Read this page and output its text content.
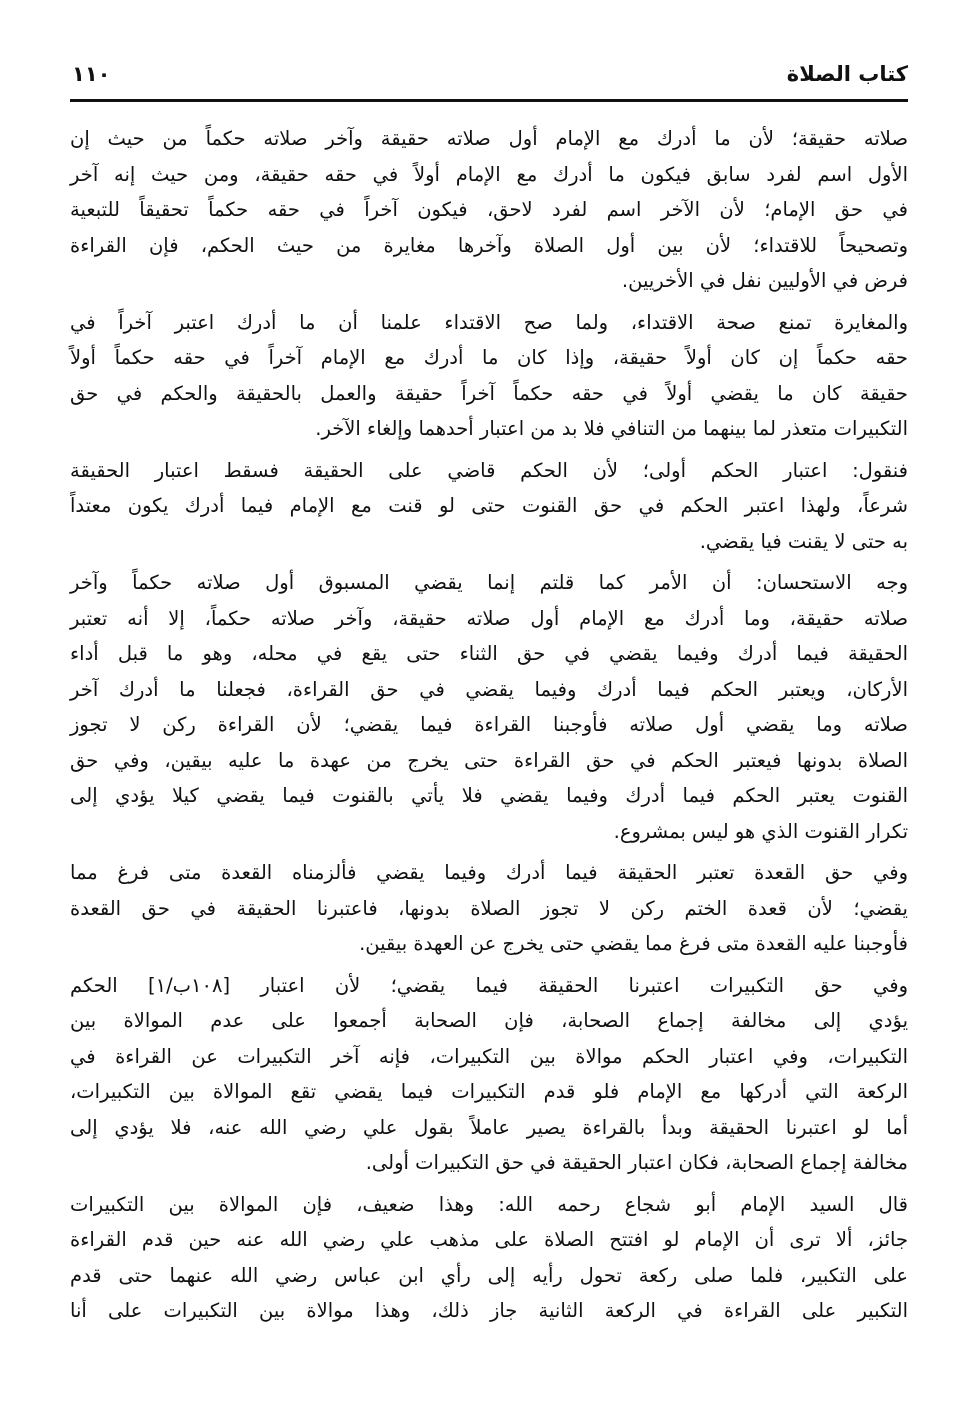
كتاب الصلاة
١١٠
صلاته حقيقة؛ لأن ما أدرك مع الإمام أول صلاته حقيقة وآخر صلاته حكماً من حيث إن
الأول اسم لفرد سابق فيكون ما أدرك مع الإمام أولاً في حقه حقيقة، ومن حيث إنه آخر
في حق الإمام؛ لأن الآخر اسم لفرد لاحق، فيكون آخراً في حقه حكماً تحقيقاً للتبعية
وتصحيحاً للاقتداء؛ لأن بين أول الصلاة وآخرها مغايرة من حيث الحكم، فإن القراءة
فرض في الأوليين نفل في الأخريين.
والمغايرة تمنع صحة الاقتداء، ولما صح الاقتداء علمنا أن ما أدرك اعتبر آخراً في
حقه حكماً إن كان أولاً حقيقة، وإذا كان ما أدرك مع الإمام آخراً في حقه حكماً أولاً
حقيقة كان ما يقضي أولاً في حقه حكماً آخراً حقيقة والعمل بالحقيقة والحكم في حق
التكبيرات متعذر لما بينهما من التنافي فلا بد من اعتبار أحدهما وإلغاء الآخر.
فنقول: اعتبار الحكم أولى؛ لأن الحكم قاضي على الحقيقة فسقط اعتبار الحقيقة
شرعاً، ولهذا اعتبر الحكم في حق القنوت حتى لو قنت مع الإمام فيما أدرك يكون معتداً
به حتى لا يقنت فيا يقضي.
وجه الاستحسان: أن الأمر كما قلتم إنما يقضي المسبوق أول صلاته حكماً وآخر
صلاته حقيقة، وما أدرك مع الإمام أول صلاته حقيقة، وآخر صلاته حكماً، إلا أنه تعتبر
الحقيقة فيما أدرك وفيما يقضي في حق الثناء حتى يقع في محله، وهو ما قبل أداء
الأركان، ويعتبر الحكم فيما أدرك وفيما يقضي في حق القراءة، فجعلنا ما أدرك آخر
صلاته وما يقضي أول صلاته فأوجبنا القراءة فيما يقضي؛ لأن القراءة ركن لا تجوز
الصلاة بدونها فيعتبر الحكم في حق القراءة حتى يخرج من عهدة ما عليه بيقين، وفي حق
القنوت يعتبر الحكم فيما أدرك وفيما يقضي فلا يأتي بالقنوت فيما يقضي كيلا يؤدي إلى
تكرار القنوت الذي هو ليس بمشروع.
وفي حق القعدة تعتبر الحقيقة فيما أدرك وفيما يقضي فألزمناه القعدة متى فرغ مما
يقضي؛ لأن قعدة الختم ركن لا تجوز الصلاة بدونها، فاعتبرنا الحقيقة في حق القعدة
فأوجبنا عليه القعدة متى فرغ مما يقضي حتى يخرج عن العهدة بيقين.
وفي حق التكبيرات اعتبرنا الحقيقة فيما يقضي؛ لأن اعتبار [١٠٨ب/١] الحكم
يؤدي إلى مخالفة إجماع الصحابة، فإن الصحابة أجمعوا على عدم الموالاة بين
التكبيرات، وفي اعتبار الحكم موالاة بين التكبيرات، فإنه آخر التكبيرات عن القراءة في
الركعة التي أدركها مع الإمام فلو قدم التكبيرات فيما يقضي تقع الموالاة بين التكبيرات،
أما لو اعتبرنا الحقيقة وبدأ بالقراءة يصير عاملاً بقول علي رضي الله عنه، فلا يؤدي إلى
مخالفة إجماع الصحابة، فكان اعتبار الحقيقة في حق التكبيرات أولى.
قال السيد الإمام أبو شجاع رحمه الله: وهذا ضعيف، فإن الموالاة بين التكبيرات
جائز، ألا ترى أن الإمام لو افتتح الصلاة على مذهب علي رضي الله عنه حين قدم القراءة
على التكبير، فلما صلى ركعة تحول رأيه إلى رأي ابن عباس رضي الله عنهما حتى قدم
التكبير على القراءة في الركعة الثانية جاز ذلك، وهذا موالاة بين التكبيرات على أنا
